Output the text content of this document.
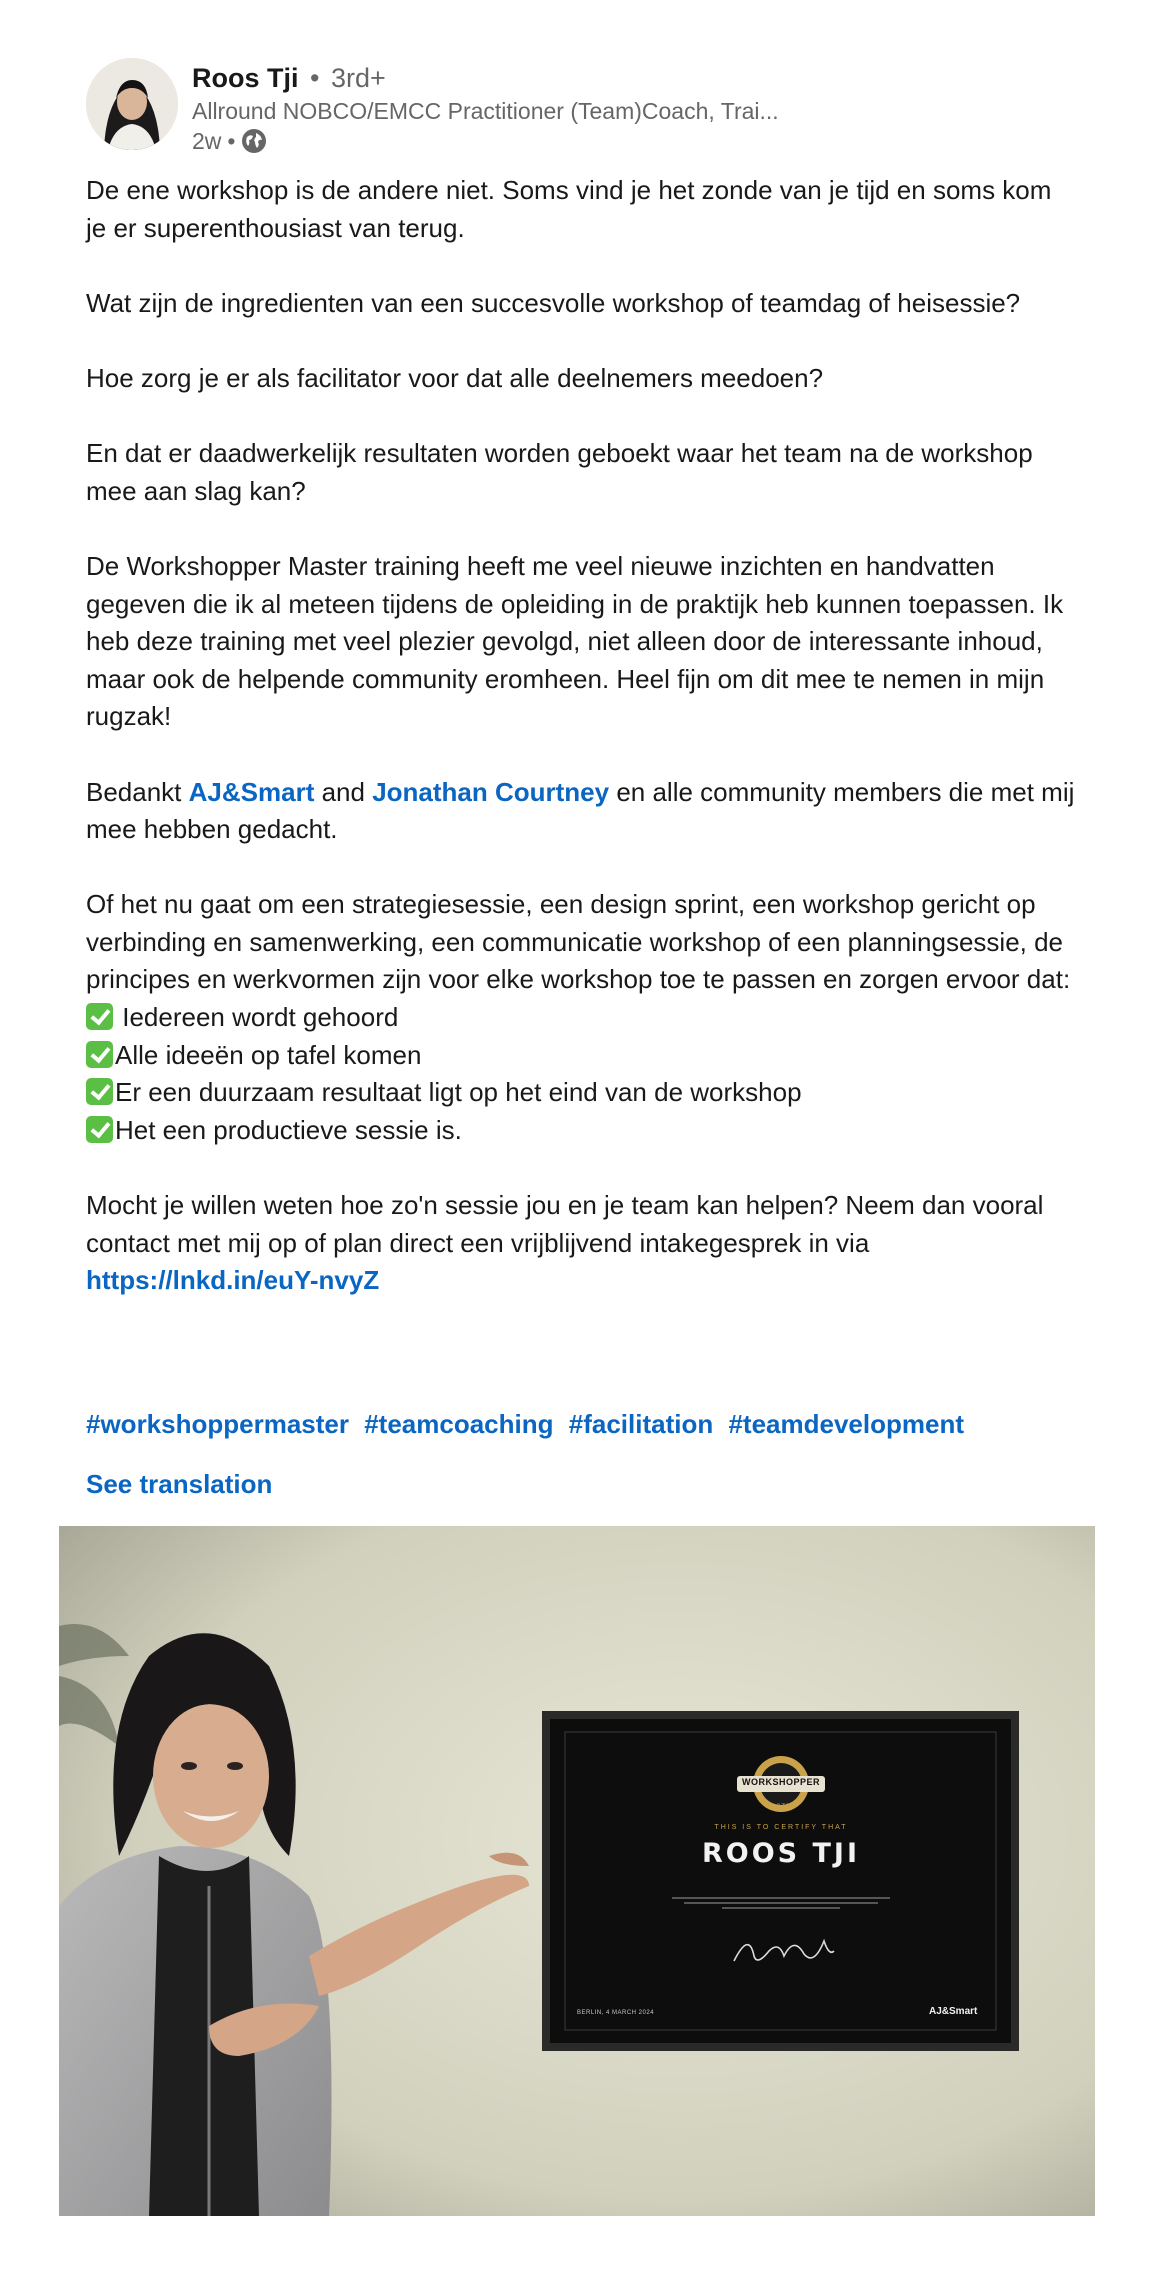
Roos Tji • 3rd+
Allround NOBCO/EMCC Practitioner (Team)Coach, Trai...
2w •

De ene workshop is de andere niet. Soms vind je het zonde van je tijd en soms kom je er superenthousiast van terug.

Wat zijn de ingredienten van een succesvolle workshop of teamdag of heisessie?

Hoe zorg je er als facilitator voor dat alle deelnemers meedoen?

En dat er daadwerkelijk resultaten worden geboekt waar het team na de workshop mee aan slag kan?

De Workshopper Master training heeft me veel nieuwe inzichten en handvatten gegeven die ik al meteen tijdens de opleiding in de praktijk heb kunnen toepassen. Ik heb deze training met veel plezier gevolgd, niet alleen door de interessante inhoud, maar ook de helpende community eromheen. Heel fijn om dit mee te nemen in mijn rugzak!

Bedankt AJ&Smart and Jonathan Courtney en alle community members die met mij mee hebben gedacht.

Of het nu gaat om een strategiesessie, een design sprint, een workshop gericht op verbinding en samenwerking, een communicatie workshop of een planningsessie, de principes en werkvormen zijn voor elke workshop toe te passen en zorgen ervoor dat:

Iedereen wordt gehoord

Alle ideeën op tafel komen

Er een duurzaam resultaat ligt op het eind van de workshop

Het een productieve sessie is.

Mocht je willen weten hoe zo'n sessie jou en je team kan helpen? Neem dan vooral contact met mij op of plan direct een vrijblijvend intakegesprek in via
https://lnkd.in/euY-nvyZ

#workshoppermaster #teamcoaching #facilitation #teamdevelopment
See translation
WORKSHOPPER
MASTER
THIS IS TO CERTIFY THAT
ROOS TJI
BERLIN, 4 MARCH 2024	AJ&Smart
